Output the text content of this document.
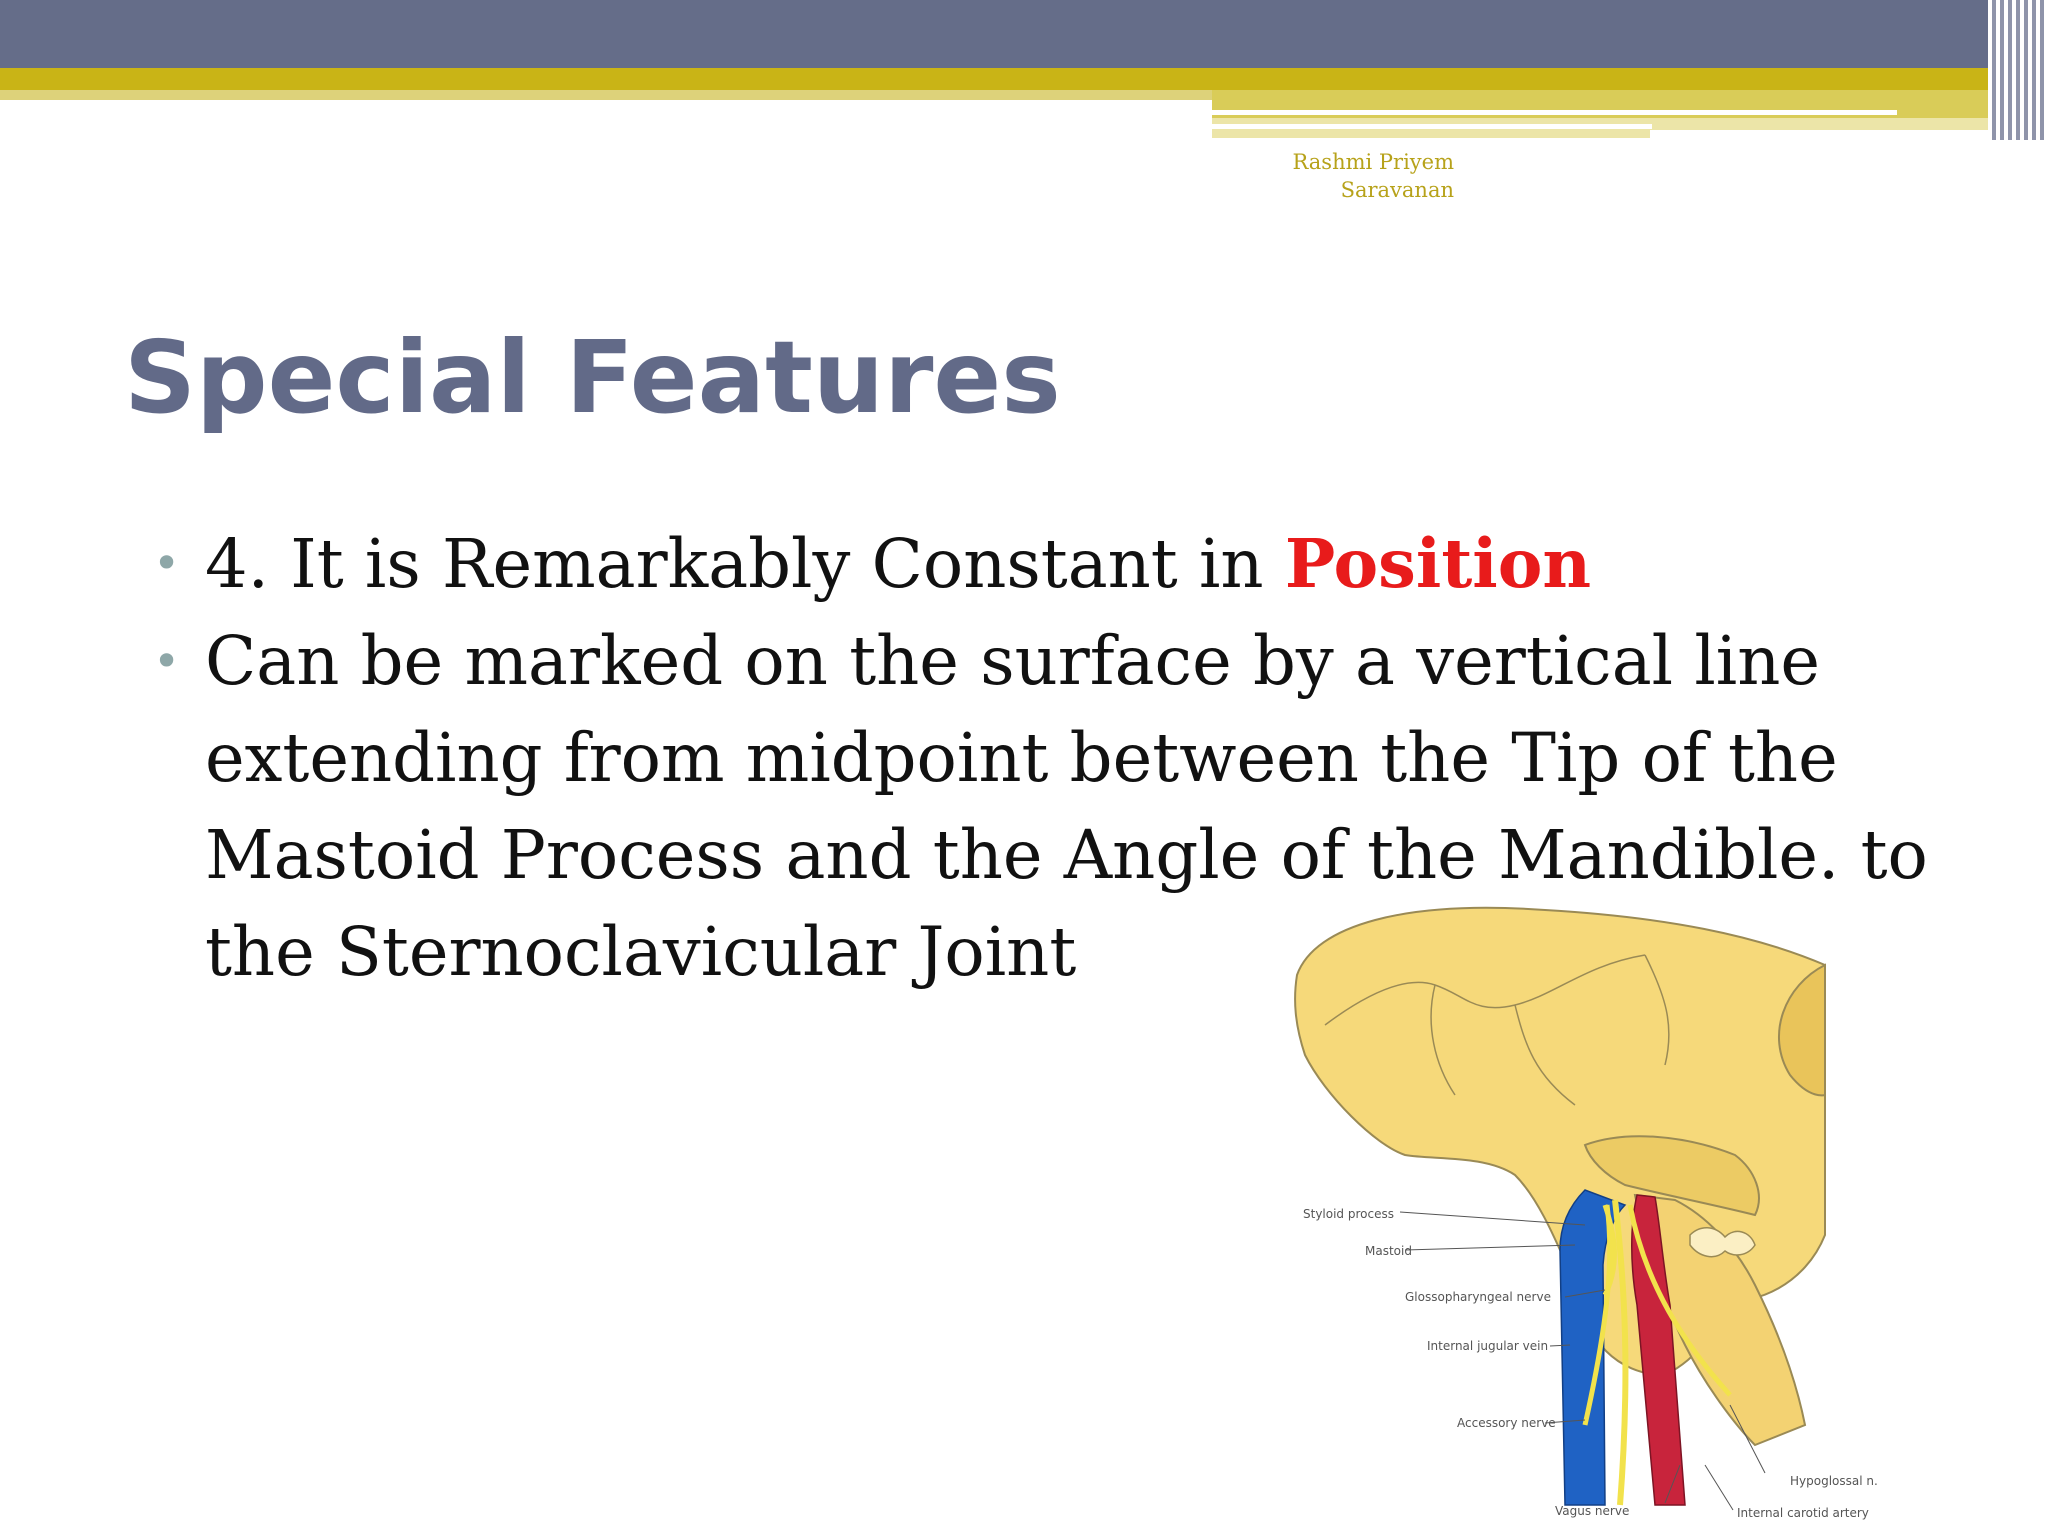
Rashmi Priyem
Saravanan
Special Features
• 4. It is Remarkably Constant in Position
• Can be marked on the surface by a vertical line extending from midpoint between the Tip of the Mastoid Process and the Angle of the Mandible. to the Sternoclavicular Joint
Styloid process
Mastoid
Glossopharyngeal nerve
Internal jugular vein
Accessory nerve
Hypoglossal n.
Vagus nerve	Internal carotid artery
